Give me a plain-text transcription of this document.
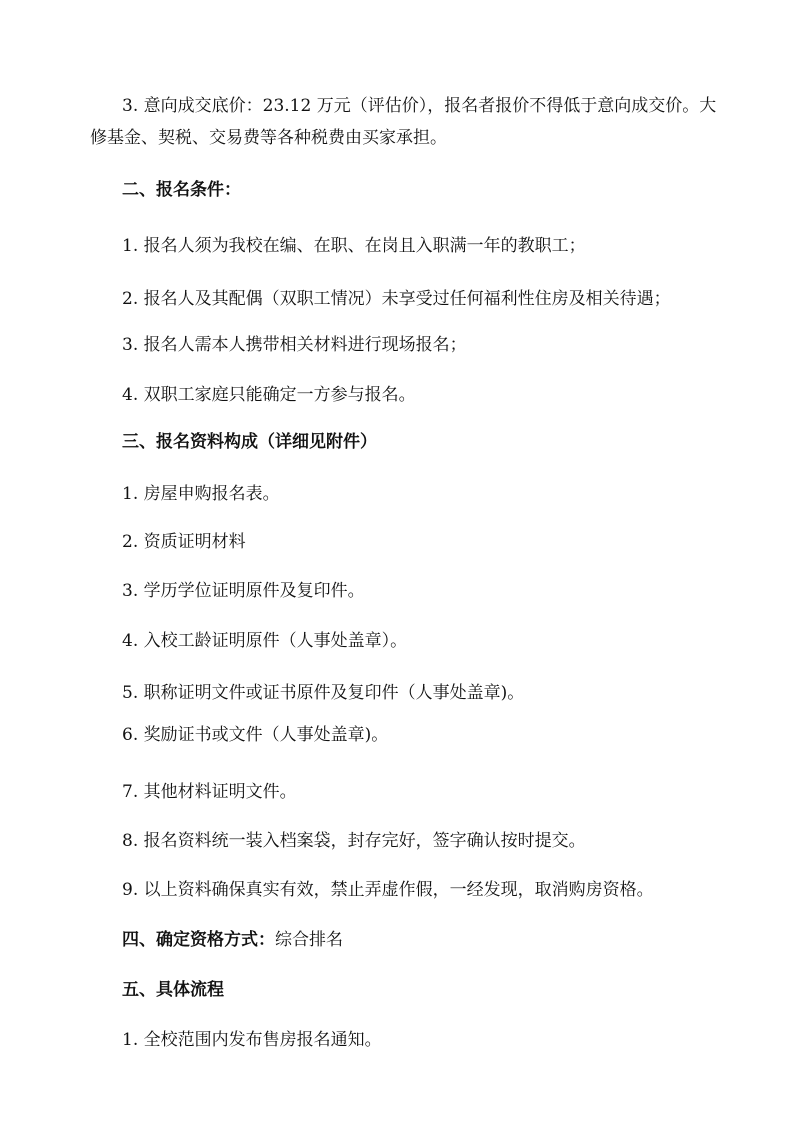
3. 意向成交底价：23.12 万元（评估价），报名者报价不得低于意向成交价。大修基金、契税、交易费等各种税费由买家承担。
二、报名条件：
1. 报名人须为我校在编、在职、在岗且入职满一年的教职工；
2. 报名人及其配偶（双职工情况）未享受过任何福利性住房及相关待遇；
3. 报名人需本人携带相关材料进行现场报名；
4. 双职工家庭只能确定一方参与报名。
三、报名资料构成（详细见附件）
1. 房屋申购报名表。
2. 资质证明材料
3. 学历学位证明原件及复印件。
4. 入校工龄证明原件（人事处盖章）。
5. 职称证明文件或证书原件及复印件（人事处盖章)。
6. 奖励证书或文件（人事处盖章)。
7. 其他材料证明文件。
8. 报名资料统一装入档案袋，封存完好，签字确认按时提交。
9. 以上资料确保真实有效，禁止弄虚作假，一经发现，取消购房资格。
四、确定资格方式：综合排名
五、具体流程
1. 全校范围内发布售房报名通知。
